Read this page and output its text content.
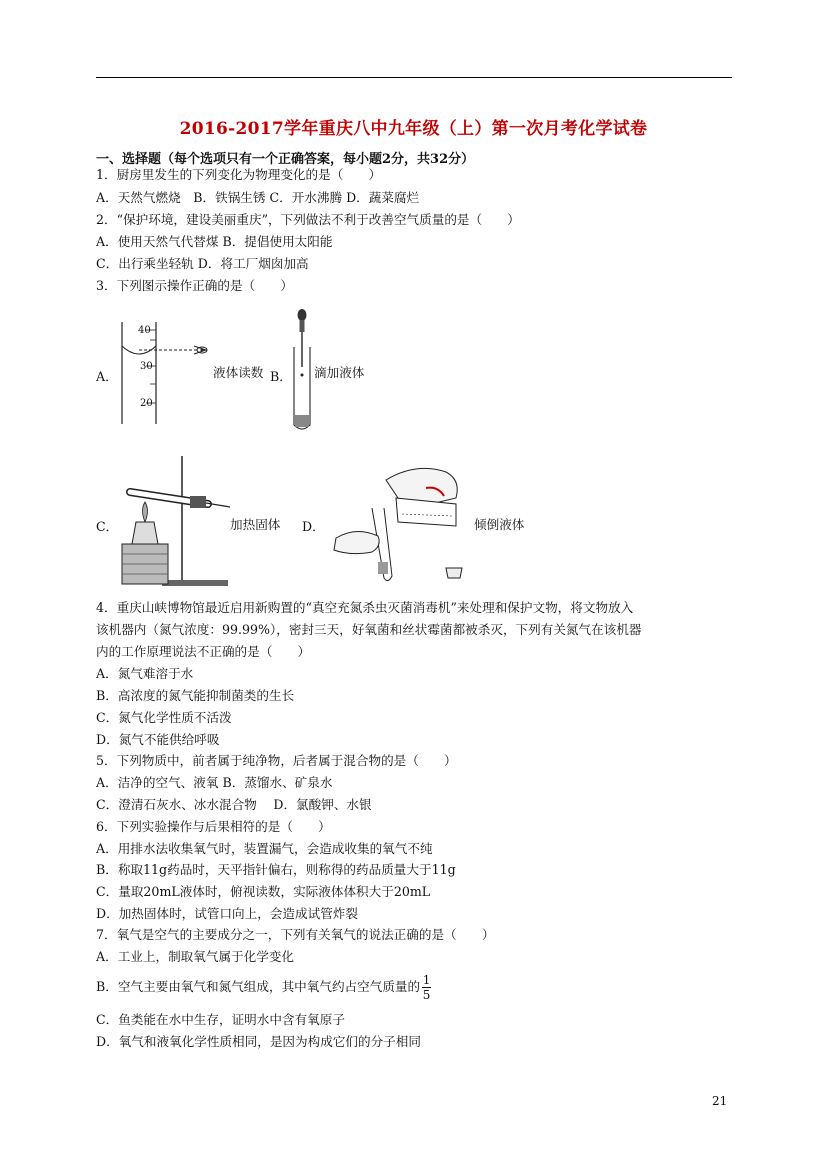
2016-2017学年重庆八中九年级（上）第一次月考化学试卷
一、选择题（每个选项只有一个正确答案，每小题2分，共32分）
1．厨房里发生的下列变化为物理变化的是（　　）
A．天然气燃烧　B．铁锅生锈 C．开水沸腾 D．蔬菜腐烂
2．“保护环境，建设美丽重庆”，下列做法不利于改善空气质量的是（　　）
A．使用天然气代替煤 B．提倡使用太阳能
C．出行乘坐轻轨 D．将工厂烟囱加高
3．下列图示操作正确的是（　　）
A．
40
30
20
液体读数 B． 滴加液体
C．	加热固体 D．	倾倒液体
4．重庆山峡博物馆最近启用新购置的“真空充氮杀虫灭菌消毒机”来处理和保护文物，将文物放入
该机器内（氮气浓度：99.99%），密封三天，好氧菌和丝状霉菌都被杀灭，下列有关氮气在该机器
内的工作原理说法不正确的是（　　）
A．氮气难溶于水
B．高浓度的氮气能抑制菌类的生长
C．氮气化学性质不活泼
D．氮气不能供给呼吸
5．下列物质中，前者属于纯净物，后者属于混合物的是（　　）
A．洁净的空气、液氧 B．蒸馏水、矿泉水
C．澄清石灰水、冰水混合物　 D．氯酸钾、水银
6．下列实验操作与后果相符的是（　　）
A．用排水法收集氧气时，装置漏气，会造成收集的氧气不纯
B．称取11g药品时，天平指针偏右，则称得的药品质量大于11g
C．量取20mL液体时，俯视读数，实际液体体积大于20mL
D．加热固体时，试管口向上，会造成试管炸裂
7．氧气是空气的主要成分之一，下列有关氧气的说法正确的是（　　）
A．工业上，制取氧气属于化学变化
B．空气主要由氧气和氮气组成，其中氧气约占空气质量的 $\frac{1}{5}$
C．鱼类能在水中生存，证明水中含有氧原子
D．氧气和液氧化学性质相同，是因为构成它们的分子相同
21
